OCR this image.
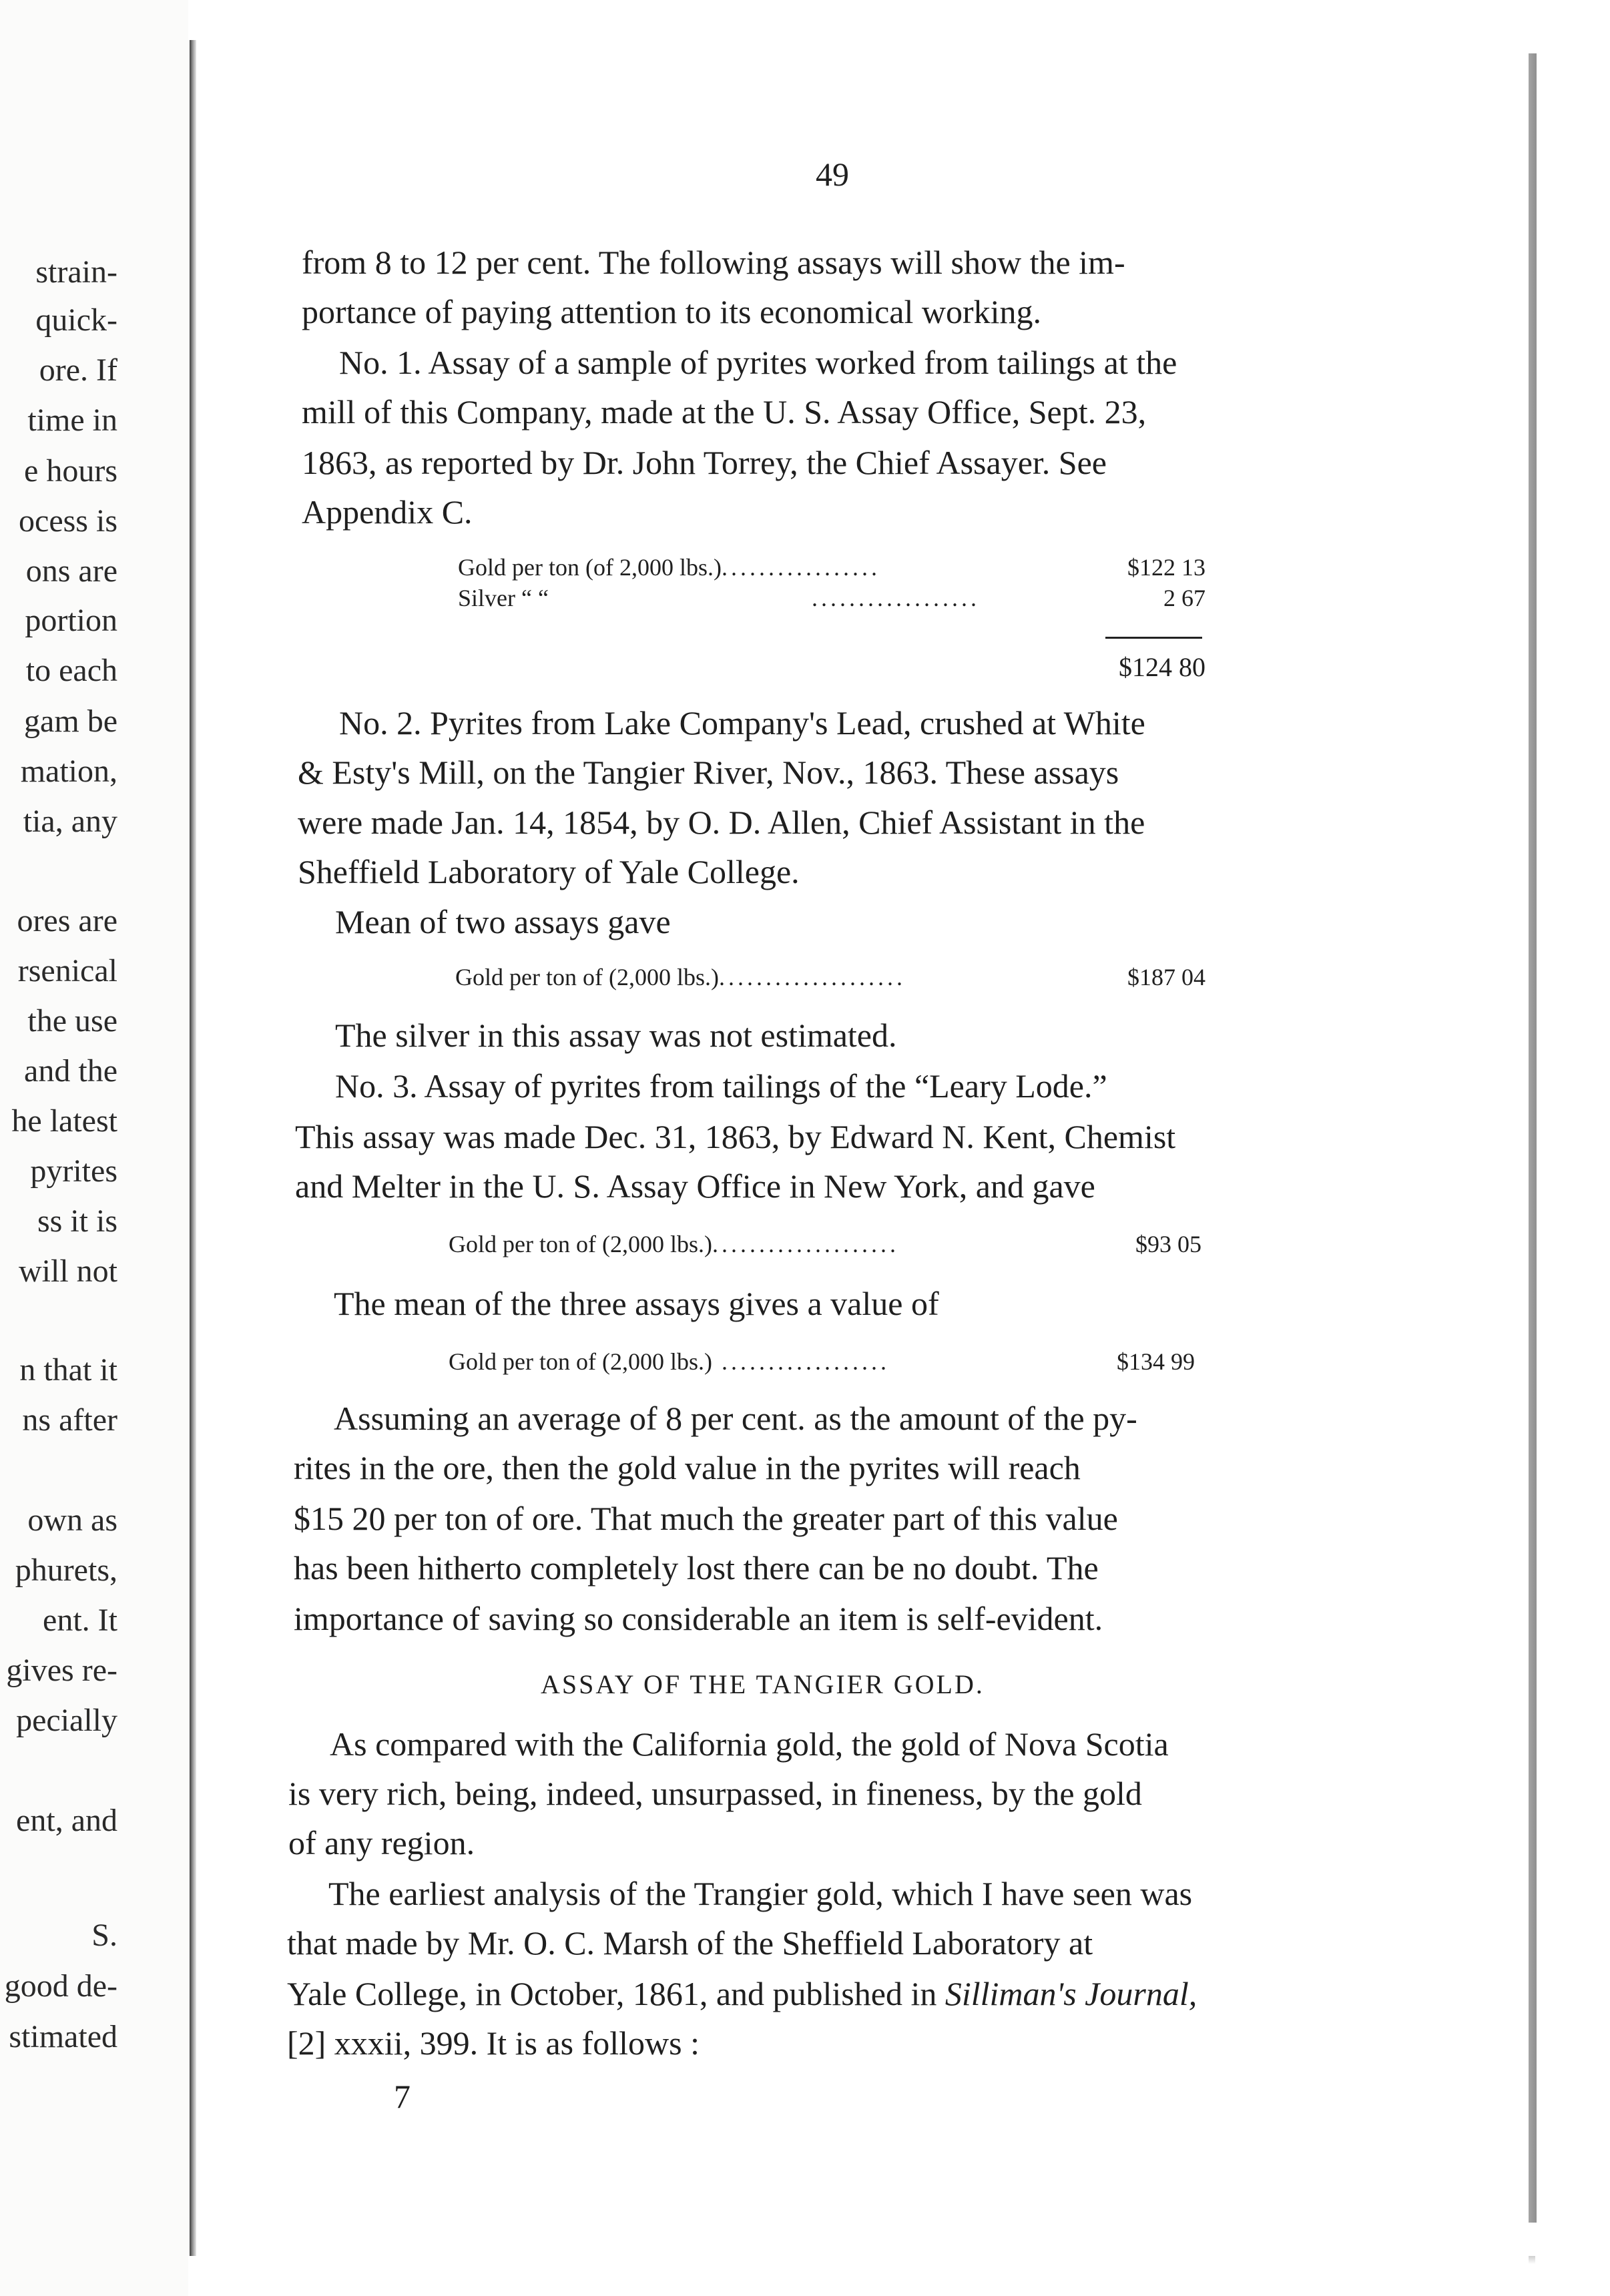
strain-
quick-
ore. If
time in
e hours
ocess is
ons are
portion
to each
gam be
mation,
tia, any
ores are
rsenical
the use
and the
he latest
pyrites
ss it is
will not
n that it
ns after
own as
phurets,
ent. It
gives re-
pecially
ent, and
S.
good de-
stimated
49
from 8 to 12 per cent. The following assays will show the im-
portance of paying attention to its economical working.
No. 1. Assay of a sample of pyrites worked from tailings at the
mill of this Company, made at the U. S. Assay Office, Sept. 23,
1863, as reported by Dr. John Torrey, the Chief Assayer. See
Appendix C.
Gold per ton (of 2,000 lbs.).................	$122 13
Silver “ “	..................	2 67
$124 80
No. 2. Pyrites from Lake Company's Lead, crushed at White
& Esty's Mill, on the Tangier River, Nov., 1863. These assays
were made Jan. 14, 1854, by O. D. Allen, Chief Assistant in the
Sheffield Laboratory of Yale College.
Mean of two assays gave
Gold per ton of (2,000 lbs.)....................	$187 04
The silver in this assay was not estimated.
No. 3. Assay of pyrites from tailings of the “Leary Lode.”
This assay was made Dec. 31, 1863, by Edward N. Kent, Chemist
and Melter in the U. S. Assay Office in New York, and gave
Gold per ton of (2,000 lbs.)....................	$93 05
The mean of the three assays gives a value of
Gold per ton of (2,000 lbs.) ..................	$134 99
Assuming an average of 8 per cent. as the amount of the py-
rites in the ore, then the gold value in the pyrites will reach
$15 20 per ton of ore. That much the greater part of this value
has been hitherto completely lost there can be no doubt. The
importance of saving so considerable an item is self-evident.
ASSAY OF THE TANGIER GOLD.
As compared with the California gold, the gold of Nova Scotia
is very rich, being, indeed, unsurpassed, in fineness, by the gold
of any region.
The earliest analysis of the Trangier gold, which I have seen was
that made by Mr. O. C. Marsh of the Sheffield Laboratory at
Yale College, in October, 1861, and published in Silliman's Journal,
[2] xxxii, 399. It is as follows :
7
